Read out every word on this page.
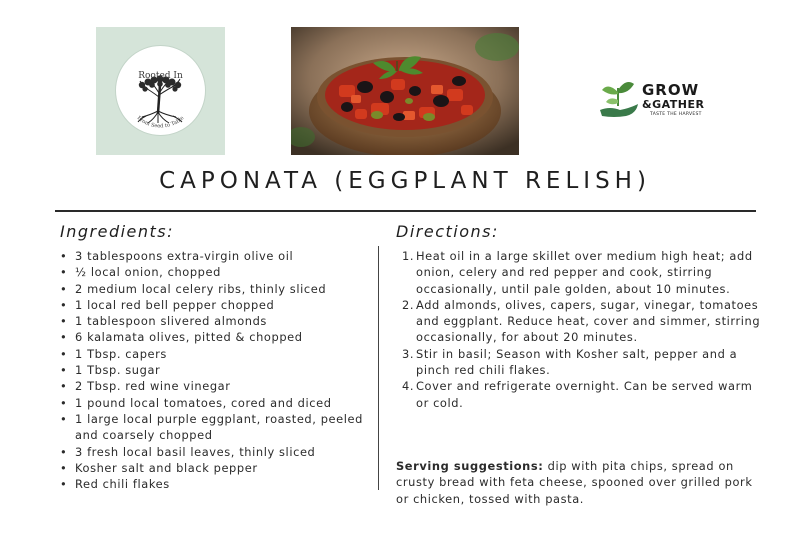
From Seed to Table
Rooted In
GROW
&GATHER
TASTE THE HARVEST
CAPONATA (EGGPLANT RELISH)
Ingredients:
• 3 tablespoons extra-virgin olive oil
• ½ local onion, chopped
• 2 medium local celery ribs, thinly sliced
• 1 local red bell pepper chopped
• 1 tablespoon slivered almonds
• 6 kalamata olives, pitted & chopped
• 1 Tbsp. capers
• 1 Tbsp. sugar
• 2 Tbsp. red wine vinegar
• 1 pound local tomatoes, cored and diced
• 1 large local purple eggplant, roasted, peeled and coarsely chopped
• 3 fresh local basil leaves, thinly sliced
• Kosher salt and black pepper
• Red chili flakes
Directions:
1. Heat oil in a large skillet over medium high heat; add onion, celery and red pepper and cook, stirring occasionally, until pale golden, about 10 minutes.
2. Add almonds, olives, capers, sugar, vinegar, tomatoes and eggplant. Reduce heat, cover and simmer, stirring occasionally, for about 20 minutes.
3. Stir in basil; Season with Kosher salt, pepper and a pinch red chili flakes.
4. Cover and refrigerate overnight. Can be served warm or cold.
Serving suggestions: dip with pita chips, spread on crusty bread with feta cheese, spooned over grilled pork or chicken, tossed with pasta.
